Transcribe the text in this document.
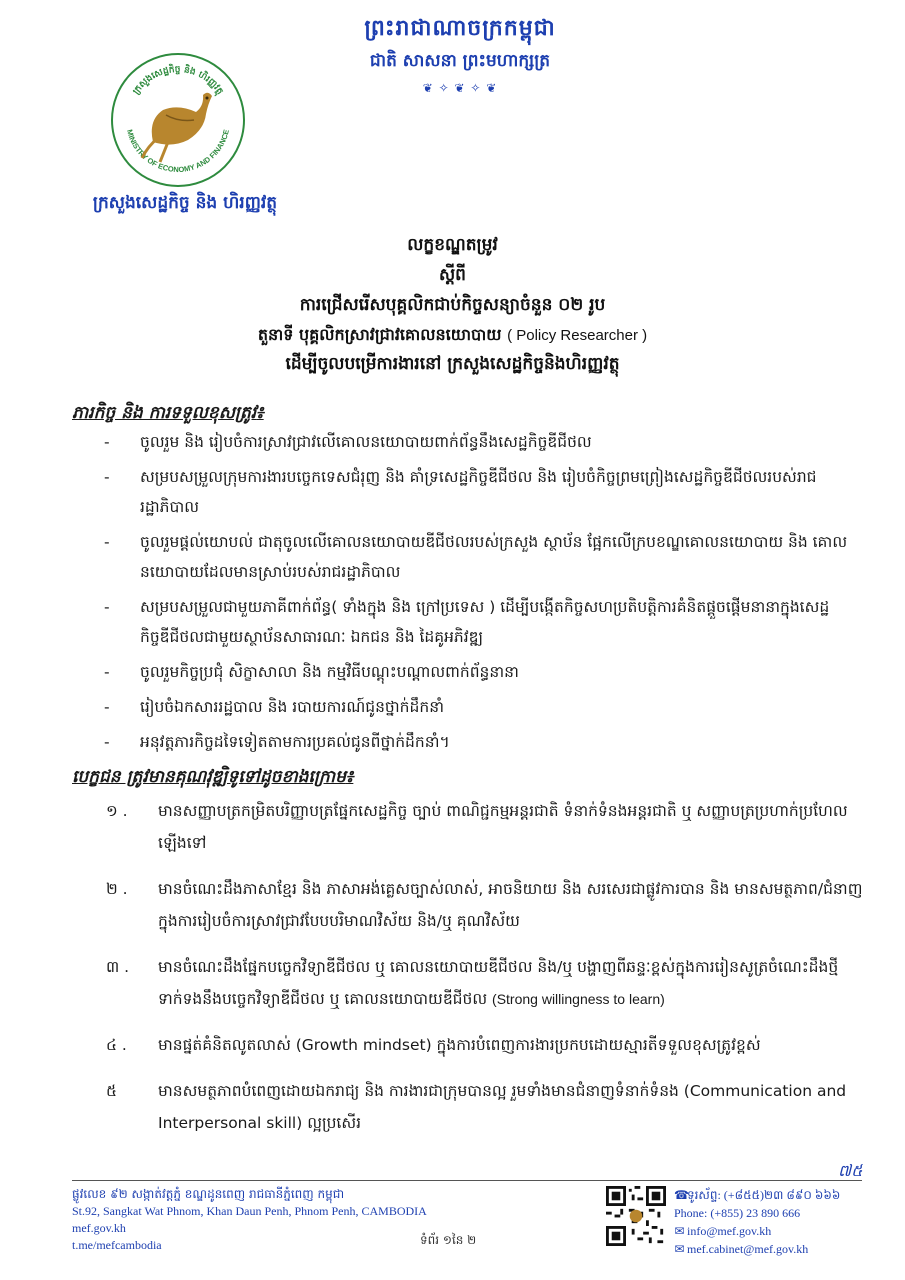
ព្រះរាជាណាចក្រកម្ពុជា
ជាតិ សាសនា ព្រះមហាក្សត្រ
❦ ✧ ❦ ✧ ❦
ក្រសួងសេដ្ឋកិច្ច និង ហិរញ្ញវត្ថុ
MINISTRY OF ECONOMY AND FINANCE
ក្រសួងសេដ្ឋកិច្ច និង ហិរញ្ញវត្ថុ
លក្ខខណ្ឌតម្រូវ
ស្តីពី
ការជ្រើសរើសបុគ្គលិកជាប់កិច្ចសន្យាចំនួន ០២ រូប
តួនាទី បុគ្គលិកស្រាវជ្រាវគោលនយោបាយ ( Policy Researcher )
ដើម្បីចូលបម្រើការងារនៅ ក្រសួងសេដ្ឋកិច្ចនិងហិរញ្ញវត្ថុ
ភារកិច្ច និង ការទទួលខុសត្រូវ៖
- ចូលរួម និង រៀបចំការស្រាវជ្រាវលើគោលនយោបាយពាក់ព័ន្ធនឹងសេដ្ឋកិច្ចឌីជីថល
- សម្របសម្រួលក្រុមការងារបច្ចេកទេសជំរុញ និង គាំទ្រសេដ្ឋកិច្ចឌីជីថល និង រៀបចំកិច្ចព្រមព្រៀងសេដ្ឋកិច្ចឌីជីថលរបស់រាជរដ្ឋាភិបាល
- ចូលរួមផ្តល់យោបល់ ជាតុចូលលើគោលនយោបាយឌីជីថលរបស់ក្រសួង ស្ថាប័ន ផ្អែកលើក្របខណ្ឌគោលនយោបាយ និង គោលនយោបាយដែលមានស្រាប់របស់រាជរដ្ឋាភិបាល
- សម្របសម្រួលជាមួយភាគីពាក់ព័ន្ធ( ទាំងក្នុង និង ក្រៅប្រទេស ) ដើម្បីបង្កើតកិច្ចសហប្រតិបត្តិការគំនិតផ្តួចផ្តើមនានាក្នុងសេដ្ឋកិច្ចឌីជីថលជាមួយស្ថាប័នសាធារណៈ ឯកជន និង ដៃគូអភិវឌ្ឍ
- ចូលរួមកិច្ចប្រជុំ សិក្ខាសាលា និង កម្មវិធីបណ្តុះបណ្តាលពាក់ព័ន្ធនានា
- រៀបចំឯកសាររដ្ឋបាល និង របាយការណ៍ជូនថ្នាក់ដឹកនាំ
- អនុវត្តភារកិច្ចដទៃទៀតតាមការប្រគល់ជូនពីថ្នាក់ដឹកនាំ។
បេក្ខជន ត្រូវមានគុណវុឌ្ឍិទូទៅដូចខាងក្រោម៖
១ .	មានសញ្ញាបត្រកម្រិតបរិញ្ញាបត្រផ្នែកសេដ្ឋកិច្ច ច្បាប់ ពាណិជ្ជកម្មអន្តរជាតិ ទំនាក់ទំនងអន្តរជាតិ ឬ សញ្ញាបត្រប្រហាក់ប្រហែលឡើងទៅ
២ .	មានចំណេះដឹងភាសាខ្មែរ និង ភាសាអង់គ្លេសច្បាស់លាស់, អាចនិយាយ និង សរសេរជាផ្លូវការបាន និង មានសមត្ថភាព/ជំនាញក្នុងការរៀបចំការស្រាវជ្រាវបែបបរិមាណវិស័យ និង/ឬ គុណវិស័យ
៣ .	មានចំណេះដឹងផ្នែកបច្ចេកវិទ្យាឌីជីថល ឬ គោលនយោបាយឌីជីថល និង/ឬ បង្ហាញពីឆន្ទៈខ្ពស់ក្នុងការរៀនសូត្រចំណេះដឹងថ្មីទាក់ទងនឹងបច្ចេកវិទ្យាឌីជីថល ឬ គោលនយោបាយឌីជីថល (Strong willingness to learn)
៤ .	មានផ្នត់គំនិតលូតលាស់ (Growth mindset) ក្នុងការបំពេញការងារប្រកបដោយស្មារតីទទួលខុសត្រូវខ្ពស់
៥	មានសមត្ថភាពបំពេញដោយឯករាជ្យ និង ការងារជាក្រុមបានល្អ រួមទាំងមានជំនាញទំនាក់ទំនង (Communication and Interpersonal skill) ល្អប្រសើរ
៧៥
ផ្លូវលេខ ៩២ សង្កាត់វត្តភ្នំ ខណ្ឌដូនពេញ រាជធានីភ្នំពេញ កម្ពុជា
St.92, Sangkat Wat Phnom, Khan Daun Penh, Phnom Penh, CAMBODIA
mef.gov.kh
t.me/mefcambodia	ទំព័រ ១នៃ ២
☎ទូរស័ព្ទ: (+៨៥៥)២៣ ៨៩០ ៦៦៦
Phone: (+855) 23 890 666
✉ info@mef.gov.kh
✉ mef.cabinet@mef.gov.kh
